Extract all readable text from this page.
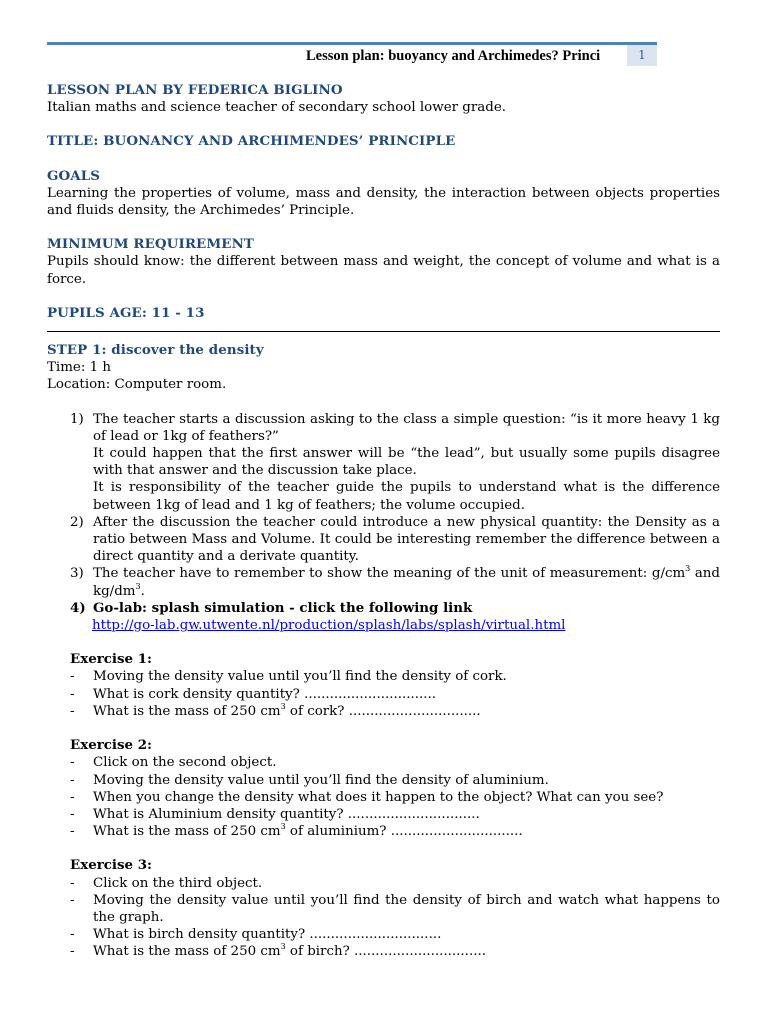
Lesson plan: buoyancy and Archimedes? Princi	1
LESSON PLAN BY FEDERICA BIGLINO
Italian maths and science teacher of secondary school lower grade.
TITLE: BUONANCY AND ARCHIMENDES’ PRINCIPLE
GOALS
Learning the properties of volume, mass and density, the interaction between objects properties and fluids density, the Archimedes’ Principle.
MINIMUM REQUIREMENT
Pupils should know: the different between mass and weight, the concept of volume and what is a force.
PUPILS AGE: 11 - 13
STEP 1: discover the density
Time: 1 h
Location: Computer room.
1) The teacher starts a discussion asking to the class a simple question: “is it more heavy 1 kg of lead or 1kg of feathers?”
It could happen that the first answer will be “the lead”, but usually some pupils disagree with that answer and the discussion take place.
It is responsibility of the teacher guide the pupils to understand what is the difference between 1kg of lead and 1 kg of feathers; the volume occupied.
2) After the discussion the teacher could introduce a new physical quantity: the Density as a ratio between Mass and Volume. It could be interesting remember the difference between a direct quantity and a derivate quantity.
3) The teacher have to remember to show the meaning of the unit of measurement: $g/cm^3$ and $kg/dm^3$.
4) Go-lab: splash simulation - click the following link
http://go-lab.gw.utwente.nl/production/splash/labs/splash/virtual.html
Exercise 1:
- Moving the density value until you’ll find the density of cork.
- What is cork density quantity? ...............................
- What is the mass of 250 $cm^3$ of cork? ...............................
Exercise 2:
- Click on the second object.
- Moving the density value until you’ll find the density of aluminium.
- When you change the density what does it happen to the object? What can you see?
- What is Aluminium density quantity? ...............................
- What is the mass of 250 $cm^3$ of aluminium? ...............................
Exercise 3:
- Click on the third object.
- Moving the density value until you’ll find the density of birch and watch what happens to the graph.
- What is birch density quantity? ...............................
- What is the mass of 250 $cm^3$ of birch? ...............................
